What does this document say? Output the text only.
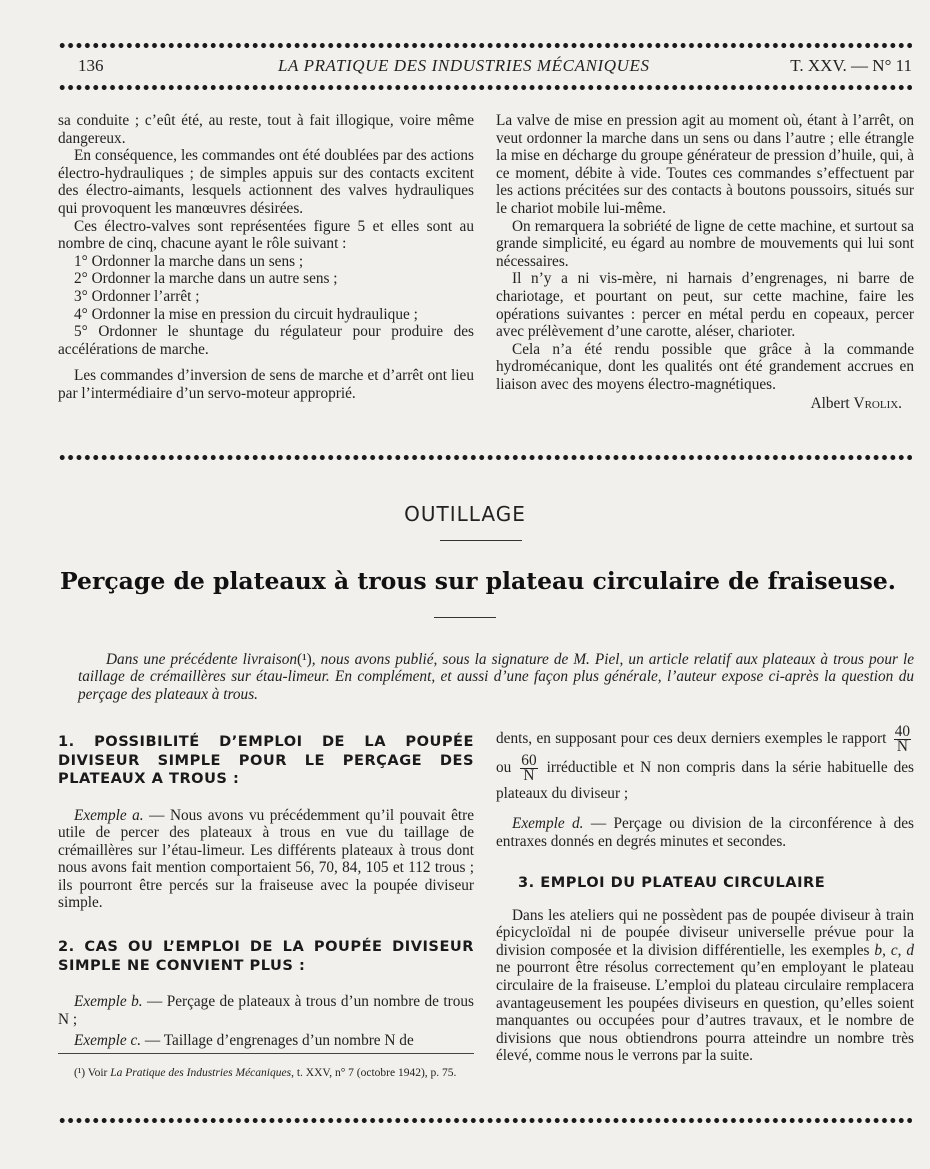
136	LA PRATIQUE DES INDUSTRIES MÉCANIQUES	T. XXV. — N° 11

sa conduite ; c’eût été, au reste, tout à fait illogique, voire même dangereux.

En conséquence, les commandes ont été doublées par des actions électro-hydrauliques ; de simples appuis sur des contacts excitent des électro-aimants, lesquels actionnent des valves hydrauliques qui provoquent les manœuvres désirées.

Ces électro-valves sont représentées figure 5 et elles sont au nombre de cinq, chacune ayant le rôle suivant :

1° Ordonner la marche dans un sens ;

2° Ordonner la marche dans un autre sens ;

3° Ordonner l’arrêt ;

4° Ordonner la mise en pression du circuit hydraulique ;

5° Ordonner le shuntage du régulateur pour produire des accélérations de marche.

Les commandes d’inversion de sens de marche et d’arrêt ont lieu par l’intermédiaire d’un servo-moteur approprié.

La valve de mise en pression agit au moment où, étant à l’arrêt, on veut ordonner la marche dans un sens ou dans l’autre ; elle étrangle la mise en décharge du groupe générateur de pression d’huile, qui, à ce moment, débite à vide. Toutes ces commandes s’effectuent par les actions précitées sur des contacts à boutons poussoirs, situés sur le chariot mobile lui-même.

On remarquera la sobriété de ligne de cette machine, et surtout sa grande simplicité, eu égard au nombre de mouvements qui lui sont nécessaires.

Il n’y a ni vis-mère, ni harnais d’engrenages, ni barre de chariotage, et pourtant on peut, sur cette machine, faire les opérations suivantes : percer en métal perdu en copeaux, percer avec prélèvement d’une carotte, aléser, charioter.

Cela n’a été rendu possible que grâce à la commande hydromécanique, dont les qualités ont été grandement accrues en liaison avec des moyens électro-magnétiques.

Albert Vrolix.
OUTILLAGE
Perçage de plateaux à trous sur plateau circulaire de fraiseuse.
Dans une précédente livraison(¹), nous avons publié, sous la signature de M. Piel, un article relatif aux plateaux à trous pour le taillage de crémaillères sur étau-limeur. En complément, et aussi d’une façon plus générale, l’auteur expose ci-après la question du perçage des plateaux à trous.
1. POSSIBILITÉ D’EMPLOI DE LA POUPÉE DIVISEUR SIMPLE POUR LE PERÇAGE DES PLATEAUX A TROUS :

Exemple a. — Nous avons vu précédemment qu’il pouvait être utile de percer des plateaux à trous en vue du taillage de crémaillères sur l’étau-limeur. Les différents plateaux à trous dont nous avons fait mention comportaient 56, 70, 84, 105 et 112 trous ; ils pourront être percés sur la fraiseuse avec la poupée diviseur simple.

2. CAS OU L’EMPLOI DE LA POUPÉE DIVISEUR SIMPLE NE CONVIENT PLUS :

Exemple b. — Perçage de plateaux à trous d’un nombre de trous N ;

Exemple c. — Taillage d’engrenages d’un nombre N de

(¹) Voir La Pratique des Industries Mécaniques, t. XXV, n° 7 (octobre 1942), p. 75.

dents, en supposant pour ces deux derniers exemples le rapport $\frac{40}{N}$
ou $\frac{60}{N}$ irréductible et N non compris dans la série habituelle des plateaux du diviseur ;

Exemple d. — Perçage ou division de la circonférence à des entraxes donnés en degrés minutes et secondes.

3. EMPLOI DU PLATEAU CIRCULAIRE

Dans les ateliers qui ne possèdent pas de poupée diviseur à train épicycloïdal ni de poupée diviseur universelle prévue pour la division composée et la division différentielle, les exemples b, c, d ne pourront être résolus correctement qu’en employant le plateau circulaire de la fraiseuse. L’emploi du plateau circulaire remplacera avantageusement les poupées diviseurs en question, qu’elles soient manquantes ou occupées pour d’autres travaux, et le nombre de divisions que nous obtiendrons pourra atteindre un nombre très élevé, comme nous le verrons par la suite.
